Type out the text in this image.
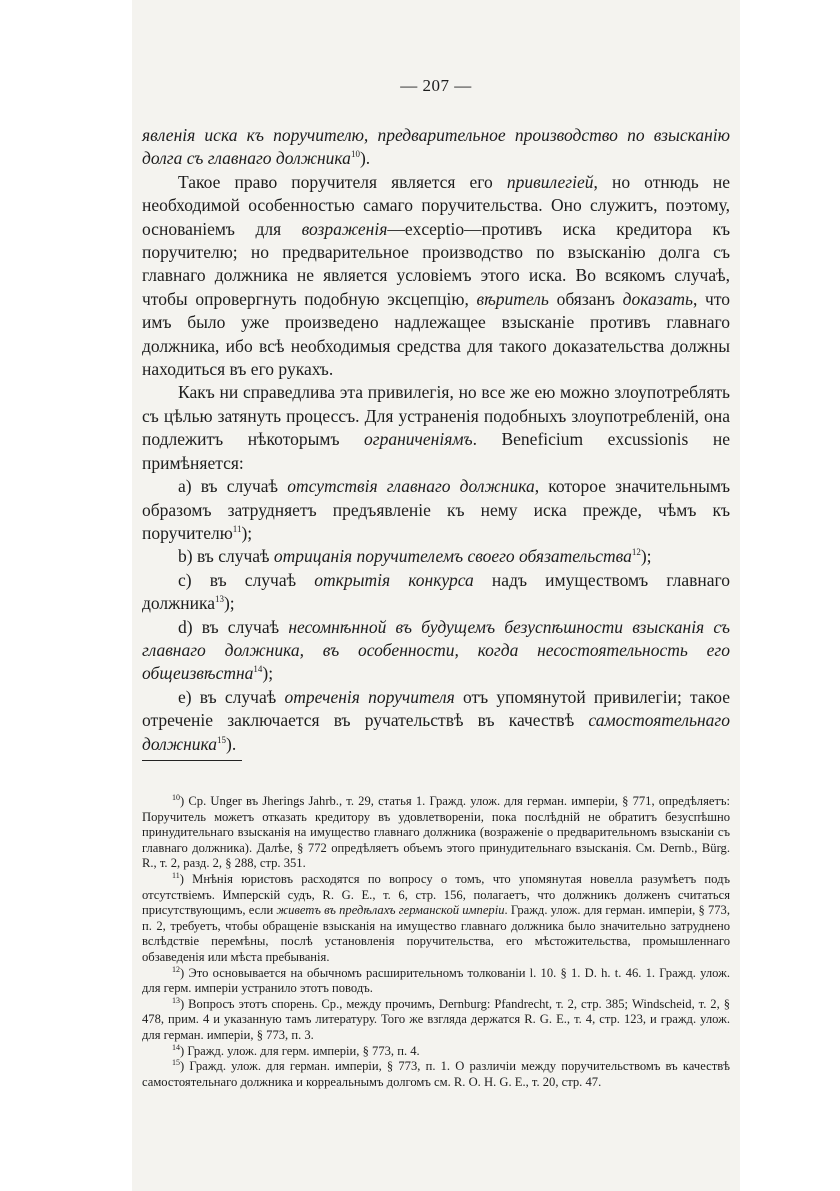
— 207 —

явленія иска къ поручителю, предварительное производство по взысканію долга съ главнаго должника$^{10}$).

Такое право поручителя является его привилегіей, но отнюдь не необходимой особенностью самаго поручительства. Оно служитъ, поэтому, основаніемъ для возраженія—exceptio—противъ иска кредитора къ поручителю; но предварительное производство по взысканію долга съ главнаго должника не является условіемъ этого иска. Во всякомъ случаѣ, чтобы опровергнуть подобную эксцепцію, вѣритель обязанъ доказать, что имъ было уже произведено надлежащее взысканіе противъ главнаго должника, ибо всѣ необходимыя средства для такого доказательства должны находиться въ его рукахъ.

Какъ ни справедлива эта привилегія, но все же ею можно злоупотреблять съ цѣлью затянуть процессъ. Для устраненія подобныхъ злоупотребленій, она подлежитъ нѣкоторымъ ограниченіямъ. Beneficium excussionis не примѣняется:

а) въ случаѣ отсутствія главнаго должника, которое значительнымъ образомъ затрудняетъ предъявленіе къ нему иска прежде, чѣмъ къ поручителю$^{11}$);

b) въ случаѣ отрицанія поручителемъ своего обязательства$^{12}$);

с) въ случаѣ открытія конкурса надъ имуществомъ главнаго должника$^{13}$);

d) въ случаѣ несомнѣнной въ будущемъ безуспѣшности взысканія съ главнаго должника, въ особенности, когда несостоятельность его общеизвѣстна$^{14}$);

е) въ случаѣ отреченія поручителя отъ упомянутой привилегіи; такое отреченіе заключается въ ручательствѣ въ качествѣ самостоятельнаго должника$^{15}$).

$^{10}$) Ср. Unger въ Jherings Jahrb., т. 29, статья 1. Гражд. улож. для герман. имперіи, § 771, опредѣляетъ: Поручитель можетъ отказать кредитору въ удовлетвореніи, пока послѣдній не обратитъ безуспѣшно принудительнаго взысканія на имущество главнаго должника (возраженіе о предварительномъ взысканіи съ главнаго должника). Далѣе, § 772 опредѣляетъ объемъ этого принудительнаго взысканія. См. Dernb., Bürg. R., т. 2, разд. 2, § 288, стр. 351.

$^{11}$) Мнѣнія юристовъ расходятся по вопросу о томъ, что упомянутая новелла разумѣетъ подъ отсутствіемъ. Имперскій судъ, R. G. E., т. 6, стр. 156, полагаетъ, что должникъ долженъ считаться присутствующимъ, если живетъ въ предѣлахъ германской имперіи. Гражд. улож. для герман. имперіи, § 773, п. 2, требуетъ, чтобы обращеніе взысканія на имущество главнаго должника было значительно затруднено вслѣдствіе перемѣны, послѣ установленія поручительства, его мѣстожительства, промышленнаго обзаведенія или мѣста пребыванія.

$^{12}$) Это основывается на обычномъ расширительномъ толкованіи l. 10. § 1. D. h. t. 46. 1. Гражд. улож. для герм. имперіи устранило этотъ поводъ.

$^{13}$) Вопросъ этотъ спорень. Ср., между прочимъ, Dernburg: Pfandrecht, т. 2, стр. 385; Windscheid, т. 2, § 478, прим. 4 и указанную тамъ литературу. Того же взгляда держатся R. G. E., т. 4, стр. 123, и гражд. улож. для герман. имперіи, § 773, п. 3.

$^{14}$) Гражд. улож. для герм. имперіи, § 773, п. 4.

$^{15}$) Гражд. улож. для герман. имперіи, § 773, п. 1. О различіи между поручительствомъ въ качествѣ самостоятельнаго должника и корреальнымъ долгомъ см. R. O. H. G. E., т. 20, стр. 47.
